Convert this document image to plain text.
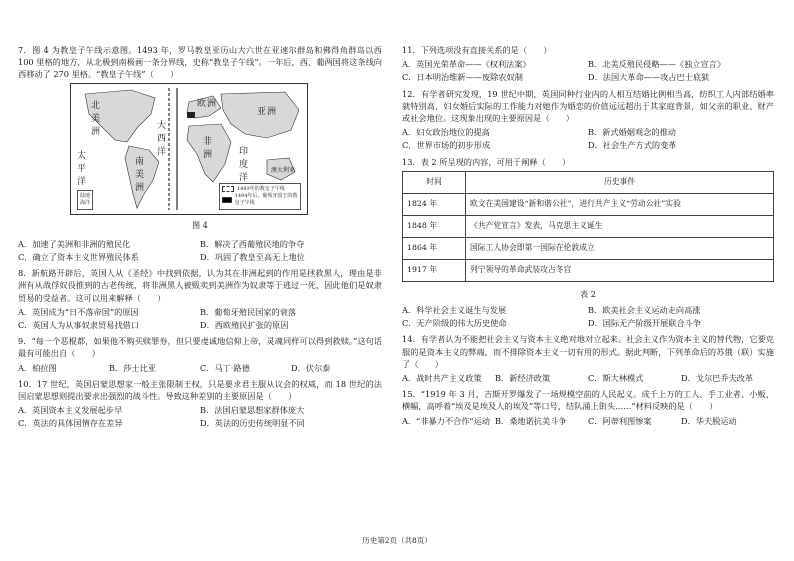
7．图 4 为教皇子午线示意图。1493 年，罗马教皇亚历山大六世在亚速尔群岛和佛得角群岛以西 100 里格的地方，从北极到南极画一条分界线，史称“教皇子午线”。一年后，西、葡两国将这条线向西移动了 270 里格。“教皇子午线”（　　）

北
美
洲
南
美
洲
大
西
洋
太
平
洋
印
度
洋
欧 洲
非
洲
亚 洲
澳 大 利 亚
陆地
海洋
1493年的教皇子午线
1494年后，葡萄牙国王的教皇子午线
图 4
A．加速了美洲和非洲的殖民化	B．解决了西葡殖民地的争夺
C．确立了资本主义世界殖民体系	D．巩固了教皇至高无上地位

8．新航路开辟后，英国人从《圣经》中找到依据，认为其在非洲起到的作用是拯救黑人，理由是非洲有从战俘奴役推到的古老传统，将非洲黑人被贩卖到美洲作为奴隶等于逃过一死，因此他们是奴隶贸易的受益者。这可以用来解释（　　）

A．英国成为“日不落帝国”的原因	B．葡萄牙殖民国家的衰落
C．英国人为从事奴隶贸易找借口	D．西欧殖民扩张的原因

9．“每一个恶棍都，如果他不购买赎罪券，但只要虔诚地信仰上帝，灵魂同样可以得到救赎。”这句话最有可能出自（　　）

A．柏拉图	B．莎士比亚	C．马丁·路德	D．伏尔泰

10．17 世纪，英国启蒙思想家一般主张限制王权，只是要求君主服从议会的权威，而 18 世纪的法国启蒙思想则提出要求出强烈的战斗性。导致这种差别的主要原因是（　　）

A．英国资本主义发展起步早	B．法国启蒙思想家群体庞大
C．英法的具体国情存在差异	D．英法的历史传统明显不同

11．下列选项没有直接关系的是（　　）

A．英国光荣革命——《权利法案》	B．北美反殖民侵略——《独立宣言》
C．日本明治维新——废除农奴制	D．法国大革命——攻占巴士底狱

12．有学者研究发现，19 世纪中期，英国同种行业内的人相互结婚比例相当高，纺织工人内部结婚率就特别高，妇女婚后实际的工作能力对她作为婚恋的价值远远超出于其家庭背景，如父亲的职业、财产或社会地位。这现象出现的主要原因是（　　）

A．妇女政治地位的提高	B．新式婚姻观念的推动
C．世界市场的初步形成	D．社会生产方式的变革

13．表 2 所呈现的内容，可用于阐释（　　）

时间	历史事件
1824 年	欧文在美国建设“新和谐公社”，进行共产主义“劳动公社”实验
1848 年	《共产党宣言》发表，马克思主义诞生
1864 年	国际工人协会即第一国际在伦敦成立
1917 年	列宁领导的革命武装攻占冬宫
表 2
A．科学社会主义诞生与发展	B．欧美社会主义运动走向高涨
C．无产阶级的伟大历史使命	D．国际无产阶级开展联合斗争

14．有学者认为不能把社会主义与资本主义绝对地对立起来。社会主义作为资本主义的替代物，它要克服的是资本主义的弊端，而不排除资本主义一切有用的形式。据此判断，下列革命后的苏俄（联）实施了（　　）

A．战时共产主义政策	B．新经济政策	C．斯大林模式	D．戈尔巴乔夫改革

15．“1919 年 3 月，吉斯开罗爆发了一场规模空前的人民起义。成千上万的工人、手工业者、小贩、横幅，高呼着“埃及是埃及人的埃及”等口号，结队涌上街头……”材料反映的是（　　）

A．“非暴力不合作”运动 B．桑地诺抗美斗争	C．阿蒂利图惨案	D．华夫脱运动
历史第2页（共8页）
